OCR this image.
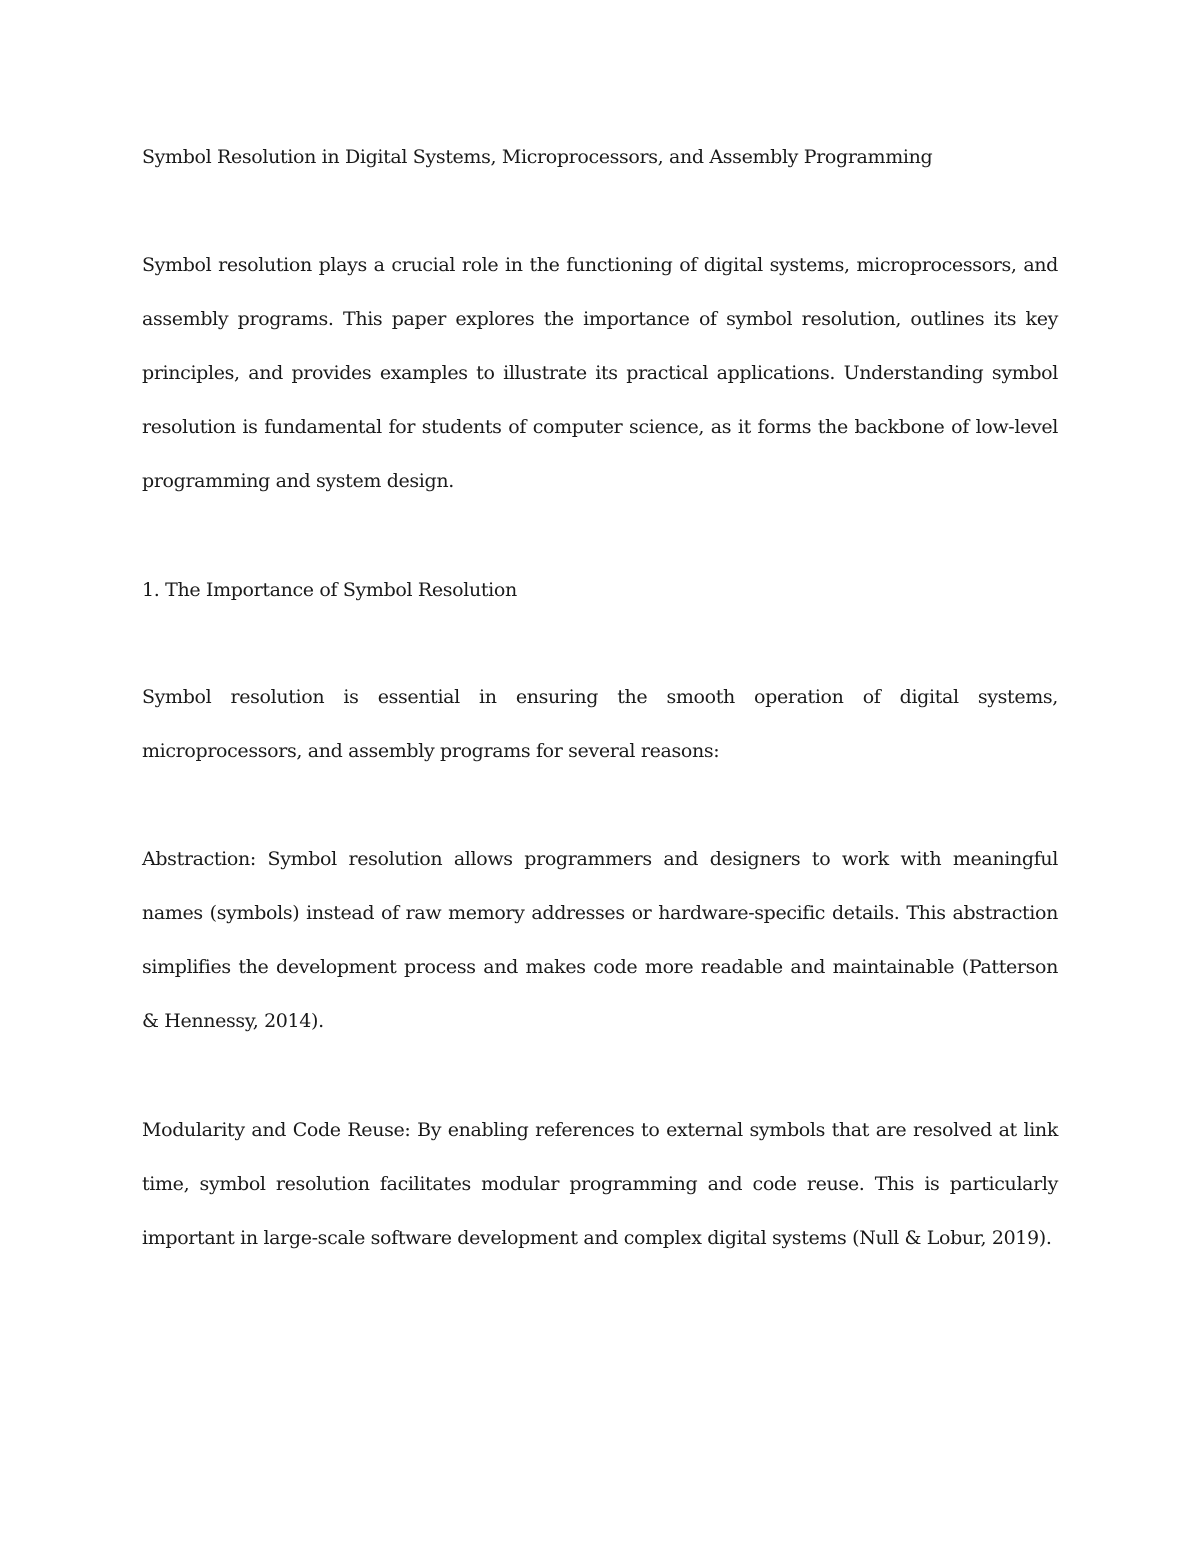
Symbol Resolution in Digital Systems, Microprocessors, and Assembly Programming

Symbol resolution plays a crucial role in the functioning of digital systems, microprocessors, and assembly programs. This paper explores the importance of symbol resolution, outlines its key principles, and provides examples to illustrate its practical applications. Understanding symbol resolution is fundamental for students of computer science, as it forms the backbone of low-level programming and system design.

1. The Importance of Symbol Resolution

Symbol resolution is essential in ensuring the smooth operation of digital systems, microprocessors, and assembly programs for several reasons:

Abstraction: Symbol resolution allows programmers and designers to work with meaningful names (symbols) instead of raw memory addresses or hardware-specific details. This abstraction simplifies the development process and makes code more readable and maintainable (Patterson & Hennessy, 2014).

Modularity and Code Reuse: By enabling references to external symbols that are resolved at link time, symbol resolution facilitates modular programming and code reuse. This is particularly important in large-scale software development and complex digital systems (Null & Lobur, 2019).
